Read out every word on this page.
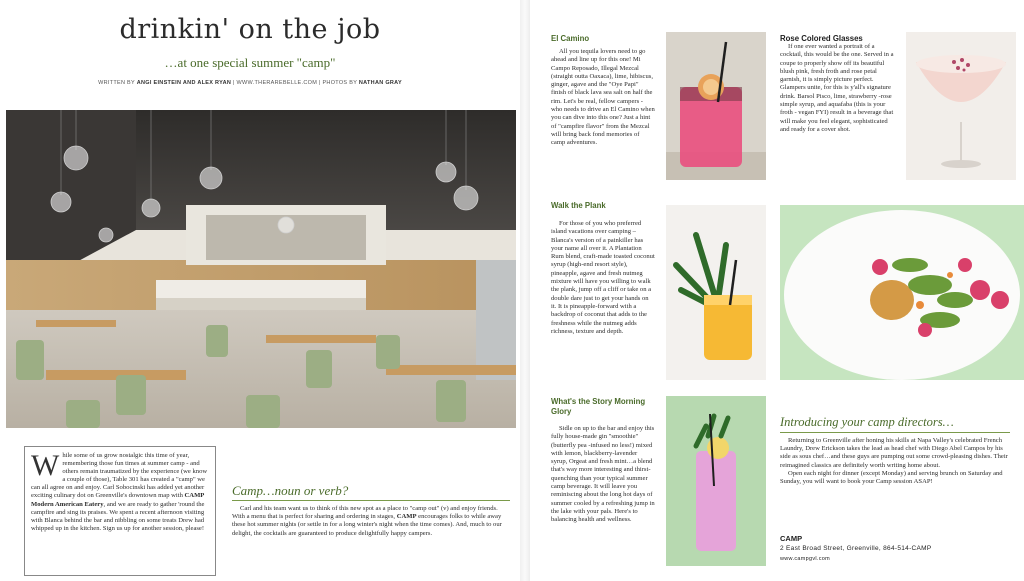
drinkin' on the job
…at one special summer "camp"
WRITTEN BY ANGI EINSTEIN AND ALEX RYAN | WWW.THERAREBELLE.COM | PHOTOS BY NATHAN GRAY
While some of us grow nostalgic this time of year, remembering those fun times at summer camp - and others remain traumatized by the experience (we know a couple of those), Table 301 has created a "camp" we can all agree on and enjoy. Carl Sobocinski has added yet another exciting culinary dot on Greenville's downtown map with CAMP Modern American Eatery, and we are ready to gather 'round the campfire and sing its praises. We spent a recent afternoon visiting with Blanca behind the bar and nibbling on some treats Drew had whipped up in the kitchen. Sign us up for another session, please!
Camp…noun or verb?
Carl and his team want us to think of this new spot as a place to "camp out" (v) and enjoy friends. With a menu that is perfect for sharing and ordering in stages, CAMP encourages folks to while away these hot summer nights (or settle in for a long winter's night when the time comes). And, much to our delight, the cocktails are guaranteed to produce delightfully happy campers.
El Camino
All you tequila lovers need to go ahead and line up for this one! Mi Campo Reposado, Illegal Mezcal (straight outta Oaxaca), lime, hibiscus, ginger, agave and the "Oye Papi" finish of black lava sea salt on half the rim. Let's be real, fellow campers - who needs to drive an El Camino when you can dive into this one? Just a hint of "campfire flavor" from the Mezcal will bring back fond memories of camp adventures.
Walk the Plank
For those of you who preferred island vacations over camping – Blanca's version of a painkiller has your name all over it. A Plantation Rum blend, craft-made toasted coconut syrup (high-end resort style), pineapple, agave and fresh nutmeg mixture will have you willing to walk the plank, jump off a cliff or take on a double dare just to get your hands on it. It is pineapple-forward with a backdrop of coconut that adds to the freshness while the nutmeg adds richness, texture and depth.
What's the Story Morning Glory
Sidle on up to the bar and enjoy this fully house-made gin "smoothie" (butterfly pea -infused no less!) mixed with lemon, blackberry-lavender syrup, Orgeat and fresh mint…a blend that's way more interesting and thirst-quenching than your typical summer camp beverage. It will leave you reminiscing about the long hot days of summer cooled by a refreshing jump in the lake with your pals. Here's to balancing health and wellness.
Rose Colored Glasses
If one ever wanted a portrait of a cocktail, this would be the one. Served in a coupe to properly show off its beautiful blush pink, fresh froth and rose petal garnish, it is simply picture perfect. Glampers unite, for this is y'all's signature drink. Barsol Pisco, lime, strawberry -rose simple syrup, and aquafaba (this is your froth - vegan FYI) result in a beverage that will make you feel elegant, sophisticated and ready for a cover shot.
Introducing your camp directors…
Returning to Greenville after honing his skills at Napa Valley's celebrated French Laundry, Drew Erickson takes the lead as head chef with Diego Abel Campos by his side as sous chef…and these guys are pumping out some crowd-pleasing dishes. Their reimagined classics are definitely worth writing home about.
Open each night for dinner (except Monday) and serving brunch on Saturday and Sunday, you will want to book your Camp session ASAP!
CAMP
2 East Broad Street, Greenville, 864-514-CAMP
www.campgvl.com
